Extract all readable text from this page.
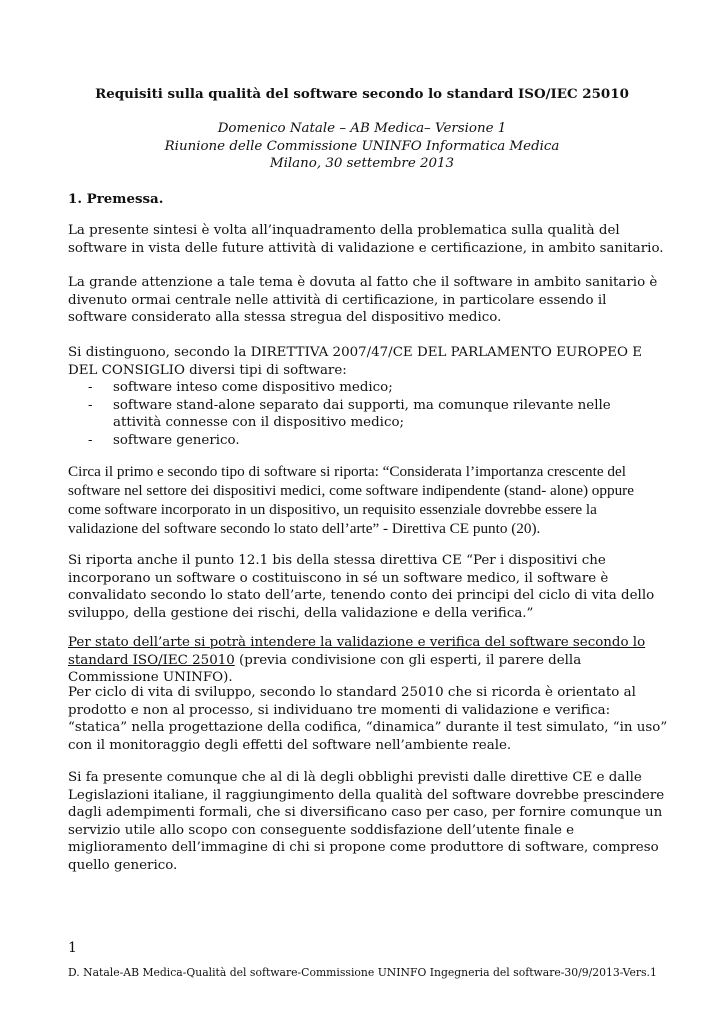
Requisiti sulla qualità del software secondo lo standard ISO/IEC 25010
Domenico Natale – AB Medica– Versione 1
Riunione delle Commissione UNINFO Informatica Medica
Milano, 30 settembre 2013
1. Premessa.

La presente sintesi è volta all’inquadramento della problematica sulla qualità del software in vista delle future attività di validazione e certificazione, in ambito sanitario.

La grande attenzione a tale tema è dovuta al fatto che il software in ambito sanitario è divenuto ormai centrale nelle attività di certificazione, in particolare essendo il software considerato alla stessa stregua del dispositivo medico.

Si distinguono, secondo la DIRETTIVA 2007/47/CE DEL PARLAMENTO EUROPEO E DEL CONSIGLIO diversi tipi di software:

- software inteso come dispositivo medico;
- software stand-alone separato dai supporti, ma comunque rilevante nelle attività connesse con il dispositivo medico;
- software generico.

Circa il primo e secondo tipo di software si riporta: “Considerata l’importanza crescente del software nel settore dei dispositivi medici, come software indipendente (stand- alone) oppure come software incorporato in un dispositivo, un requisito essenziale dovrebbe essere la validazione del software secondo lo stato dell’arte” - Direttiva CE punto (20).

Si riporta anche il punto 12.1 bis della stessa direttiva CE “Per i dispositivi che incorporano un software o costituiscono in sé un software medico, il software è convalidato secondo lo stato dell’arte, tenendo conto dei principi del ciclo di vita dello sviluppo, della gestione dei rischi, della validazione e della verifica.”

Per stato dell’arte si potrà intendere la validazione e verifica del software secondo lo standard ISO/IEC 25010 (previa condivisione con gli esperti, il parere della Commissione UNINFO).

Per ciclo di vita di sviluppo, secondo lo standard 25010 che si ricorda è orientato al prodotto e non al processo, si individuano tre momenti di validazione e verifica: “statica” nella progettazione della codifica, “dinamica” durante il test simulato, “in uso” con il monitoraggio degli effetti del software nell’ambiente reale.

Si fa presente comunque che al di là degli obblighi previsti dalle direttive CE e dalle Legislazioni italiane, il raggiungimento della qualità del software dovrebbe prescindere dagli adempimenti formali, che si diversificano caso per caso, per fornire comunque un servizio utile allo scopo con conseguente soddisfazione dell’utente finale e miglioramento dell’immagine di chi si propone come produttore di software, compreso quello generico.

1
D. Natale-AB Medica-Qualità del software-Commissione UNINFO Ingegneria del software-30/9/2013-Vers.1
